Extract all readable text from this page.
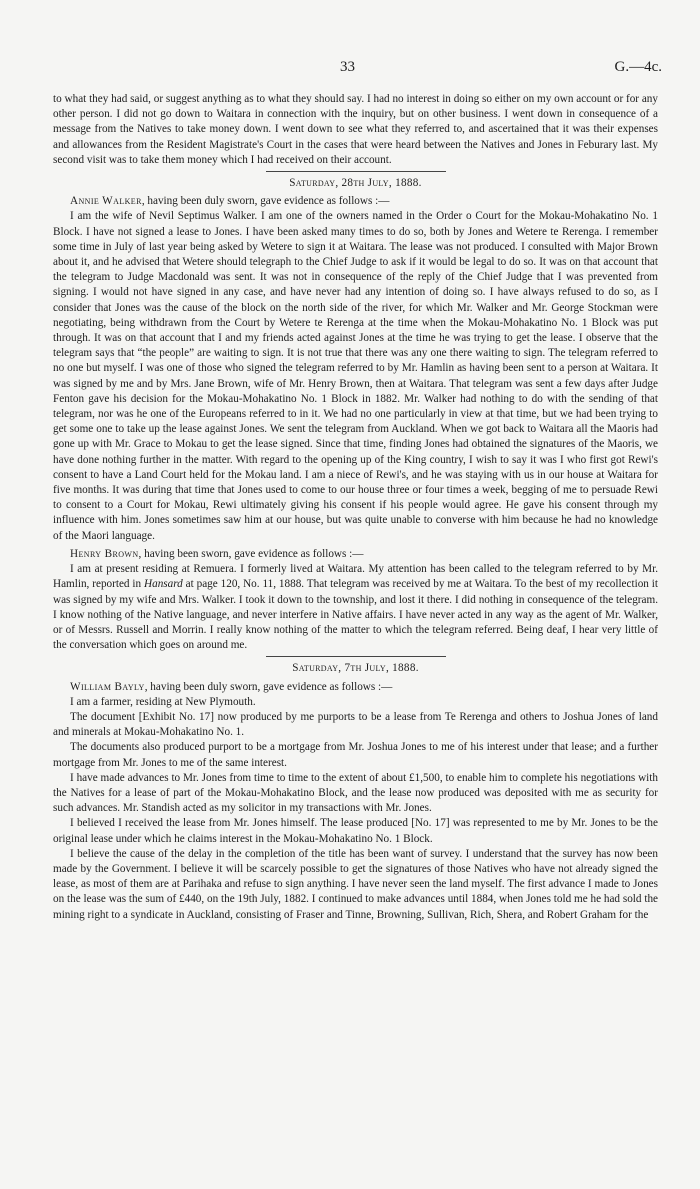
33	G.—4c.

to what they had said, or suggest anything as to what they should say. I had no interest in doing so either on my own account or for any other person. I did not go down to Waitara in connection with the inquiry, but on other business. I went down in consequence of a message from the Natives to take money down. I went down to see what they referred to, and ascertained that it was their expenses and allowances from the Resident Magistrate's Court in the cases that were heard between the Natives and Jones in Feburary last. My second visit was to take them money which I had received on their account.

Saturday, 28th July, 1888.

Annie Walker, having been duly sworn, gave evidence as follows :—

I am the wife of Nevil Septimus Walker. I am one of the owners named in the Order o Court for the Mokau-Mohakatino No. 1 Block. I have not signed a lease to Jones. I have been asked many times to do so, both by Jones and Wetere te Rerenga. I remember some time in July of last year being asked by Wetere to sign it at Waitara. The lease was not produced. I consulted with Major Brown about it, and he advised that Wetere should telegraph to the Chief Judge to ask if it would be legal to do so. It was on that account that the telegram to Judge Macdonald was sent. It was not in consequence of the reply of the Chief Judge that I was prevented from signing. I would not have signed in any case, and have never had any intention of doing so. I have always refused to do so, as I consider that Jones was the cause of the block on the north side of the river, for which Mr. Walker and Mr. George Stockman were negotiating, being withdrawn from the Court by Wetere te Rerenga at the time when the Mokau-Mohakatino No. 1 Block was put through. It was on that account that I and my friends acted against Jones at the time he was trying to get the lease. I observe that the telegram says that “the people” are waiting to sign. It is not true that there was any one there waiting to sign. The telegram referred to no one but myself. I was one of those who signed the telegram referred to by Mr. Hamlin as having been sent to a person at Waitara. It was signed by me and by Mrs. Jane Brown, wife of Mr. Henry Brown, then at Waitara. That telegram was sent a few days after Judge Fenton gave his decision for the Mokau-Mohakatino No. 1 Block in 1882. Mr. Walker had nothing to do with the sending of that telegram, nor was he one of the Europeans referred to in it. We had no one particularly in view at that time, but we had been trying to get some one to take up the lease against Jones. We sent the telegram from Auckland. When we got back to Waitara all the Maoris had gone up with Mr. Grace to Mokau to get the lease signed. Since that time, finding Jones had obtained the signatures of the Maoris, we have done nothing further in the matter. With regard to the opening up of the King country, I wish to say it was I who first got Rewi's consent to have a Land Court held for the Mokau land. I am a niece of Rewi's, and he was staying with us in our house at Waitara for five months. It was during that time that Jones used to come to our house three or four times a week, begging of me to persuade Rewi to consent to a Court for Mokau, Rewi ultimately giving his consent if his people would agree. He gave his consent through my influence with him. Jones sometimes saw him at our house, but was quite unable to converse with him because he had no knowledge of the Maori language.

Henry Brown, having been sworn, gave evidence as follows :—

I am at present residing at Remuera. I formerly lived at Waitara. My attention has been called to the telegram referred to by Mr. Hamlin, reported in Hansard at page 120, No. 11, 1888. That telegram was received by me at Waitara. To the best of my recollection it was signed by my wife and Mrs. Walker. I took it down to the township, and lost it there. I did nothing in consequence of the telegram. I know nothing of the Native language, and never interfere in Native affairs. I have never acted in any way as the agent of Mr. Walker, or of Messrs. Russell and Morrin. I really know nothing of the matter to which the telegram referred. Being deaf, I hear very little of the conversation which goes on around me.

Saturday, 7th July, 1888.

William Bayly, having been duly sworn, gave evidence as follows :—

I am a farmer, residing at New Plymouth.

The document [Exhibit No. 17] now produced by me purports to be a lease from Te Rerenga and others to Joshua Jones of land and minerals at Mokau-Mohakatino No. 1.

The documents also produced purport to be a mortgage from Mr. Joshua Jones to me of his interest under that lease; and a further mortgage from Mr. Jones to me of the same interest.

I have made advances to Mr. Jones from time to time to the extent of about £1,500, to enable him to complete his negotiations with the Natives for a lease of part of the Mokau-Mohakatino Block, and the lease now produced was deposited with me as security for such advances. Mr. Standish acted as my solicitor in my transactions with Mr. Jones.

I believed I received the lease from Mr. Jones himself. The lease produced [No. 17] was represented to me by Mr. Jones to be the original lease under which he claims interest in the Mokau-Mohakatino No. 1 Block.

I believe the cause of the delay in the completion of the title has been want of survey. I understand that the survey has now been made by the Government. I believe it will be scarcely possible to get the signatures of those Natives who have not already signed the lease, as most of them are at Parihaka and refuse to sign anything. I have never seen the land myself. The first advance I made to Jones on the lease was the sum of £440, on the 19th July, 1882. I continued to make advances until 1884, when Jones told me he had sold the mining right to a syndicate in Auckland, consisting of Fraser and Tinne, Browning, Sullivan, Rich, Shera, and Robert Graham for the
